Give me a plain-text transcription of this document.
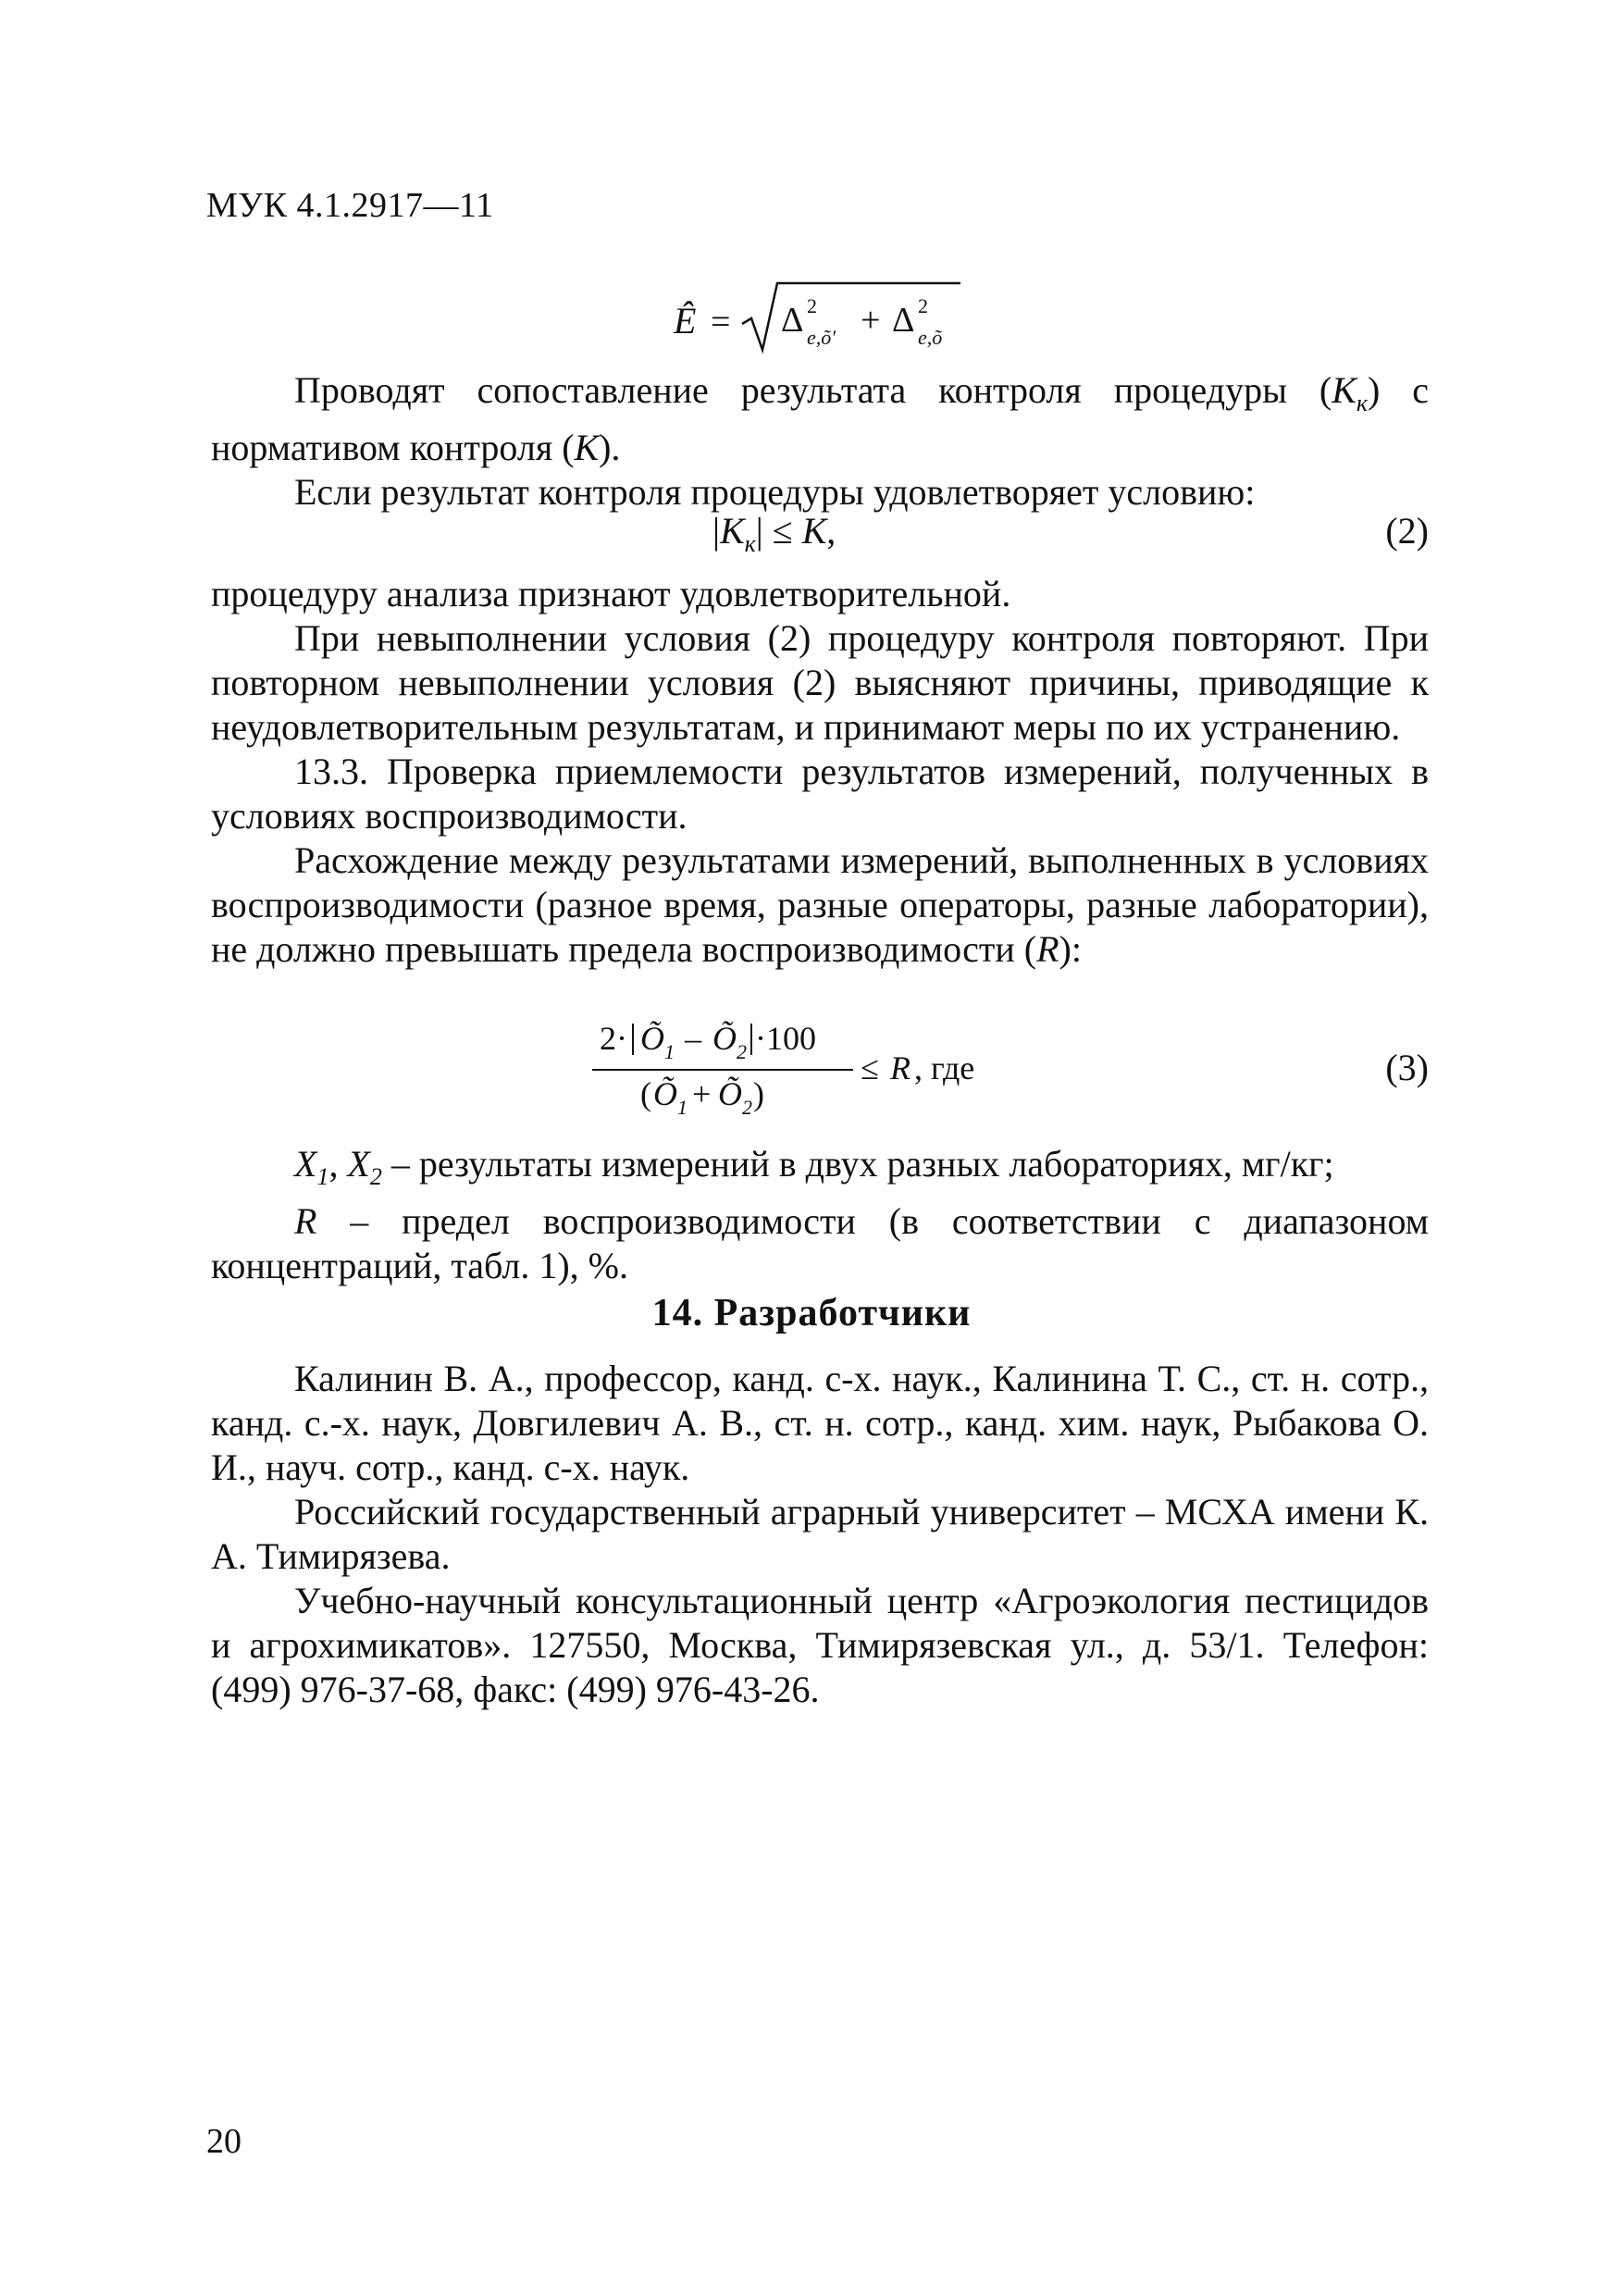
МУК 4.1.2917—11
Ê = Δ 2
е,õ′ + Δ 2
е,õ

Проводят сопоставление результата контроля процедуры $(К_к)$ с нормативом контроля (К).

Если результат контроля процедуры удовлетворяет условию:

$|К_к| \le К$,	(2)

процедуру анализа признают удовлетворительной.

При невыполнении условия (2) процедуру контроля повторяют. При повторном невыполнении условия (2) выясняют причины, приводящие к неудовлетворительным результатам, и принимают меры по их устранению.

13.3. Проверка приемлемости результатов измерений, полученных в условиях воспроизводимости.

Расхождение между результатами измерений, выполненных в условиях воспроизводимости (разное время, разные операторы, разные лаборатории), не должно превышать предела воспроизводимости (R):

2· Õ 1 – Õ 2 ·100
( Õ 1 + Õ 2 )
≤ R , где	(3)

$X_1$, $X_2$ – результаты измерений в двух разных лабораториях, мг/кг;

R – предел воспроизводимости (в соответствии с диапазоном концентраций, табл. 1), %.

14. Разработчики

Калинин В. А., профессор, канд. с-х. наук., Калинина Т. С., ст. н. сотр., канд. с.-х. наук, Довгилевич А. В., ст. н. сотр., канд. хим. наук, Рыбакова О. И., науч. сотр., канд. с-х. наук.

Российский государственный аграрный университет – МСХА имени К. А. Тимирязева.

Учебно-научный консультационный центр «Агроэкология пестицидов и агрохимикатов». 127550, Москва, Тимирязевская ул., д. 53/1. Телефон: (499) 976-37-68, факс: (499) 976-43-26.

20
